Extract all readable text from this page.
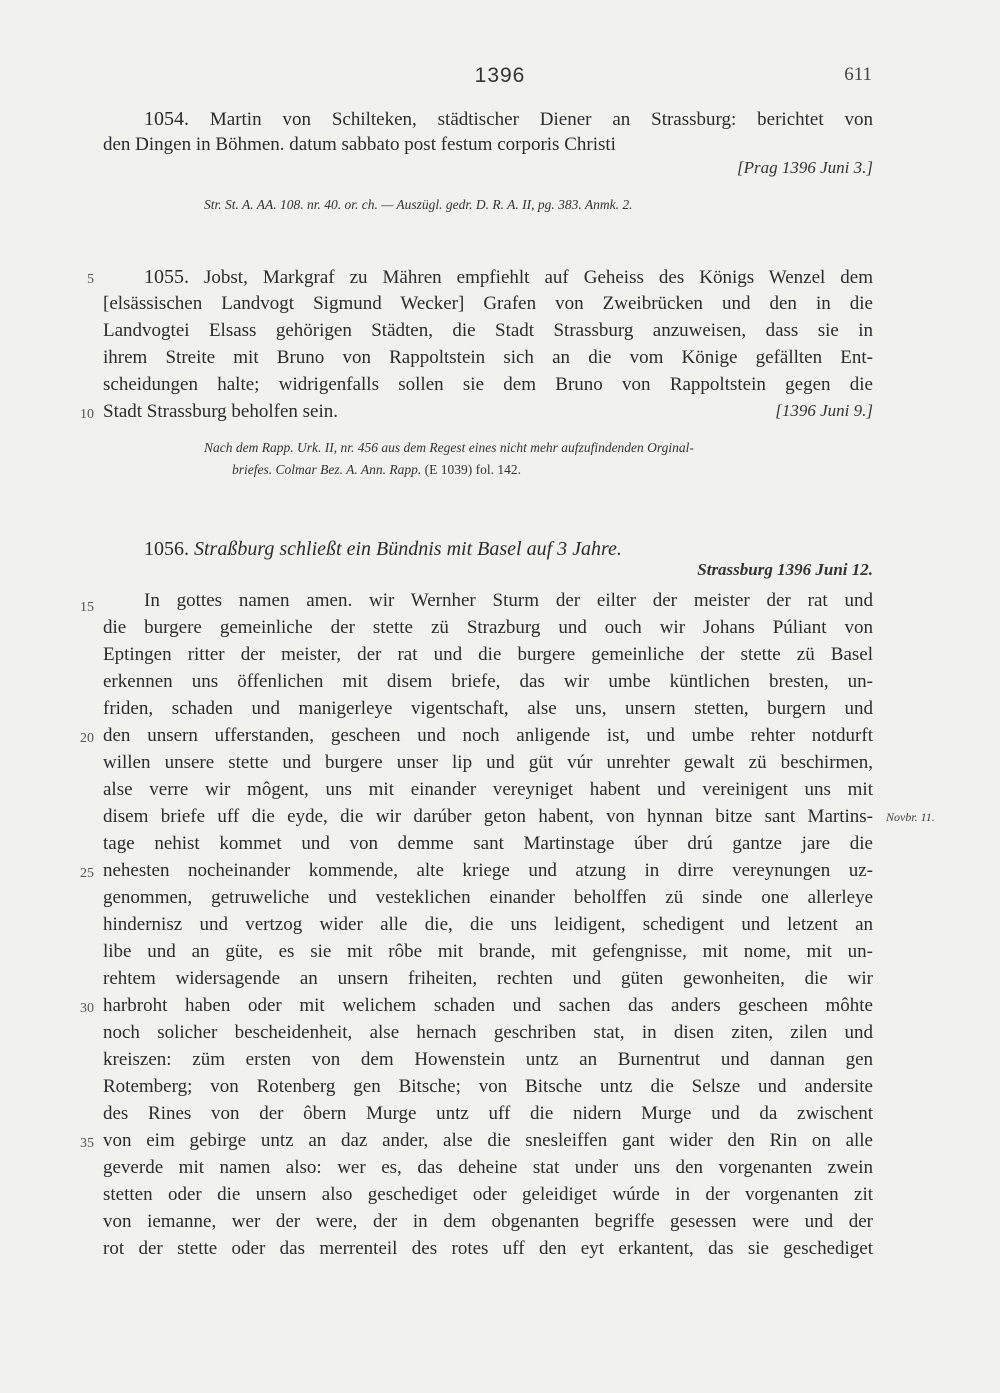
1396	611
1054. Martin von Schilteken, städtischer Diener an Strassburg: berichtet von
den Dingen in Böhmen. datum sabbato post festum corporis Christi
[Prag 1396 Juni 3.]
Str. St. A. AA. 108. nr. 40. or. ch. — Auszügl. gedr. D. R. A. II, pg. 383. Anmk. 2.
5	1055. Jobst, Markgraf zu Mähren empfiehlt auf Geheiss des Königs Wenzel dem
[elsässischen Landvogt Sigmund Wecker] Grafen von Zweibrücken und den in die
Landvogtei Elsass gehörigen Städten, die Stadt Strassburg anzuweisen, dass sie in
ihrem Streite mit Bruno von Rappoltstein sich an die vom Könige gefällten Ent-
scheidungen halte; widrigenfalls sollen sie dem Bruno von Rappoltstein gegen die
10 Stadt Strassburg beholfen sein.	[1396 Juni 9.]
Nach dem Rapp. Urk. II, nr. 456 aus dem Regest eines nicht mehr aufzufindenden Orginal-
briefes. Colmar Bez. A. Ann. Rapp. (E 1039) fol. 142.
1056. Straßburg schließt ein Bündnis mit Basel auf 3 Jahre.
Strassburg 1396 Juni 12.
15	In gottes namen amen. wir Wernher Sturm der eilter der meister der rat und
die burgere gemeinliche der stette zü Strazburg und ouch wir Johans Púliant von
Eptingen ritter der meister, der rat und die burgere gemeinliche der stette zü Basel
erkennen uns öffenlichen mit disem briefe, das wir umbe küntlichen bresten, un-
friden, schaden und manigerleye vigentschaft, alse uns, unsern stetten, burgern und
20 den unsern ufferstanden, gescheen und noch anligende ist, und umbe rehter notdurft
willen unsere stette und burgere unser lip und güt vúr unrehter gewalt zü beschirmen,
alse verre wir môgent, uns mit einander vereyniget habent und vereinigent uns mit
disem briefe uff die eyde, die wir darúber geton habent, von hynnan bitze sant Martins- Novbr. 11.
tage nehist kommet und von demme sant Martinstage úber drú gantze jare die
25 nehesten nocheinander kommende, alte kriege und atzung in dirre vereynungen uz-
genommen, getruweliche und vesteklichen einander beholffen zü sinde one allerleye
hindernisz und vertzog wider alle die, die uns leidigent, schedigent und letzent an
libe und an güte, es sie mit rôbe mit brande, mit gefengnisse, mit nome, mit un-
rehtem widersagende an unsern friheiten, rechten und güten gewonheiten, die wir
30 harbroht haben oder mit welichem schaden und sachen das anders gescheen môhte
noch solicher bescheidenheit, alse hernach geschriben stat, in disen ziten, zilen und
kreiszen: züm ersten von dem Howenstein untz an Burnentrut und dannan gen
Rotemberg; von Rotenberg gen Bitsche; von Bitsche untz die Selsze und andersite
des Rines von der ôbern Murge untz uff die nidern Murge und da zwischent
35 von eim gebirge untz an daz ander, alse die snesleiffen gant wider den Rin on alle
geverde mit namen also: wer es, das deheine stat under uns den vorgenanten zwein
stetten oder die unsern also geschediget oder geleidiget wúrde in der vorgenanten zit
von iemanne, wer der were, der in dem obgenanten begriffe gesessen were und der
rot der stette oder das merrenteil des rotes uff den eyt erkantent, das sie geschediget
